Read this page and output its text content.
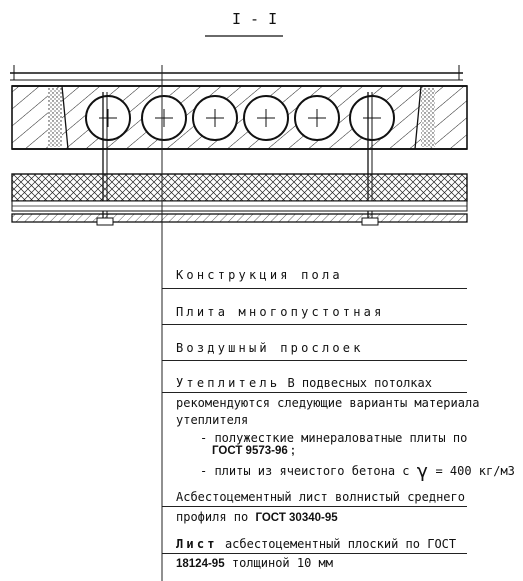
I - I
Конструкция пола
Плита многопустотная
Воздушный прослоек
Утеплитель В подвесных потолках
рекомендуются следующие варианты материала
утеплителя
- полужесткие минераловатные плиты по
ГОСТ 9573-96 ;
- плиты из ячеистого бетона с γ = 400 кг/м3
Асбестоцементный лист волнистый среднего
профиля по ГОСТ 30340-95
Лист асбестоцементный плоский по ГОСТ
18124-95 толщиной 10 мм
